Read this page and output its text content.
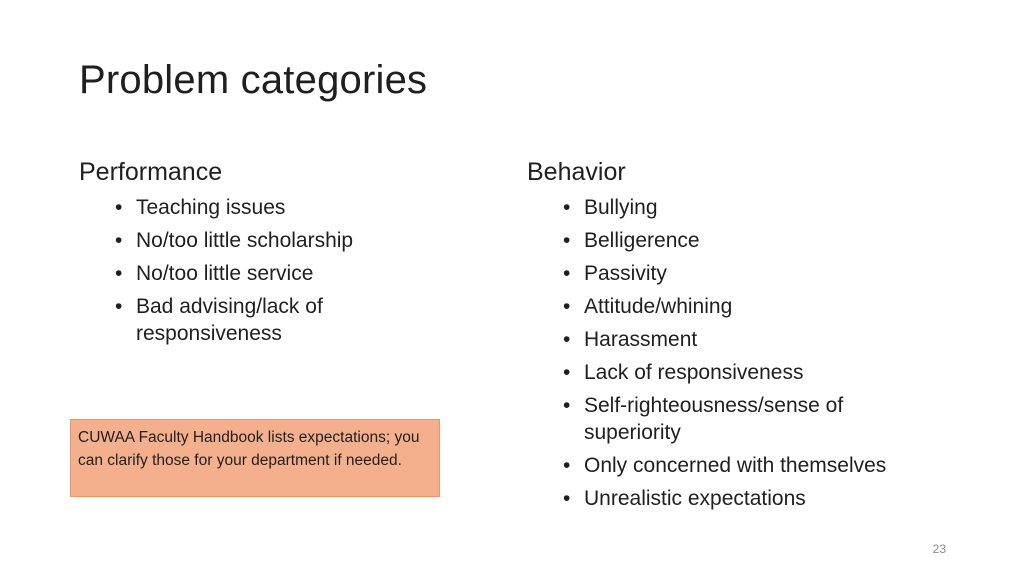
Problem categories
Performance
• Teaching issues
• No/too little scholarship
• No/too little service
• Bad advising/lack of responsiveness
Behavior
• Bullying
• Belligerence
• Passivity
• Attitude/whining
• Harassment
• Lack of responsiveness
• Self-righteousness/sense of superiority
• Only concerned with themselves
• Unrealistic expectations
CUWAA Faculty Handbook lists expectations; you can clarify those for your department if needed.
23
